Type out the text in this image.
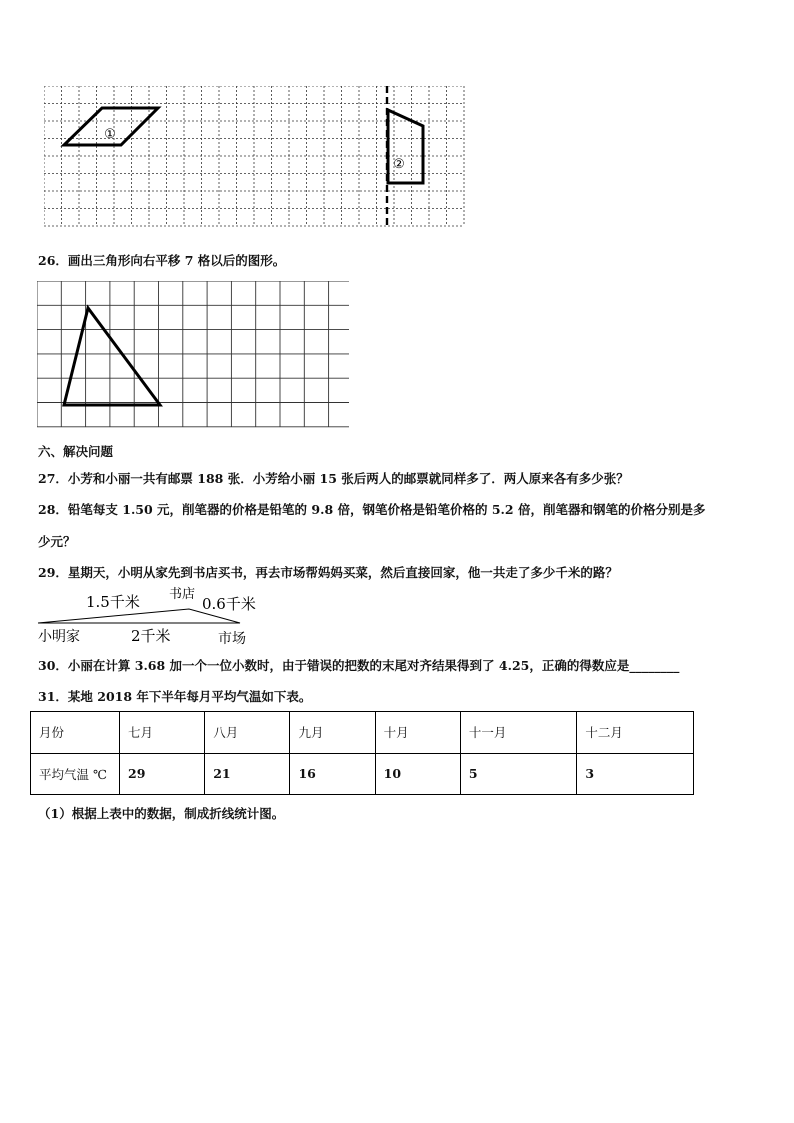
①
②
26．画出三角形向右平移 7 格以后的图形。
六、解决问题
27．小芳和小丽一共有邮票 188 张．小芳给小丽 15 张后两人的邮票就同样多了．两人原来各有多少张？
28．铅笔每支 1.50 元，削笔器的价格是铅笔的 9.8 倍，钢笔价格是铅笔价格的 5.2 倍，削笔器和钢笔的价格分别是多
少元？
29．星期天，小明从家先到书店买书，再去市场帮妈妈买菜，然后直接回家，他一共走了多少千米的路？
1.5千米 书店
0.6千米
小明家	2千米	市场
30．小丽在计算 3.68 加一个一位小数时，由于错误的把数的末尾对齐结果得到了 4.25，正确的得数应是________
31．某地 2018 年下半年每月平均气温如下表。
月份	七月	八月	九月	十月	十一月	十二月
平均气温 ℃	29	21	16	10	5	3
（1）根据上表中的数据，制成折线统计图。
